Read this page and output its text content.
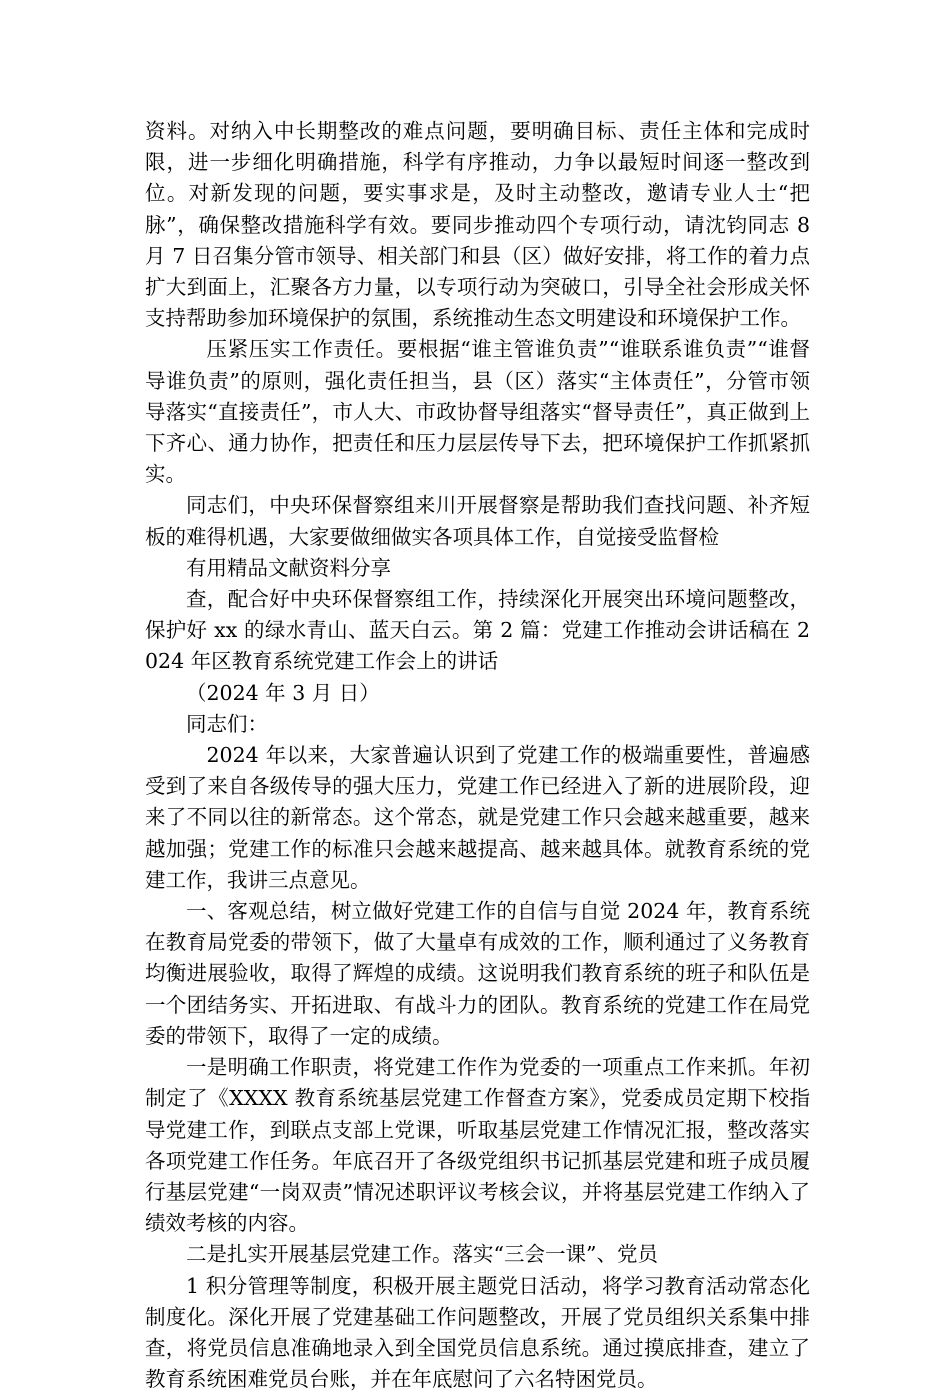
资料。对纳入中长期整改的难点问题，要明确目标、责任主体和完成时限，进一步细化明确措施，科学有序推动，力争以最短时间逐一整改到位。对新发现的问题，要实事求是，及时主动整改，邀请专业人士“把脉”，确保整改措施科学有效。要同步推动四个专项行动，请沈钧同志 8 月 7 日召集分管市领导、相关部门和县（区）做好安排，将工作的着力点扩大到面上，汇聚各方力量，以专项行动为突破口，引导全社会形成关怀支持帮助参加环境保护的氛围，系统推动生态文明建设和环境保护工作。

压紧压实工作责任。要根据“谁主管谁负责”“谁联系谁负责”“谁督导谁负责”的原则，强化责任担当，县（区）落实“主体责任”，分管市领导落实“直接责任”，市人大、市政协督导组落实“督导责任”，真正做到上下齐心、通力协作，把责任和压力层层传导下去，把环境保护工作抓紧抓实。

同志们，中央环保督察组来川开展督察是帮助我们查找问题、补齐短板的难得机遇，大家要做细做实各项具体工作，自觉接受监督检

有用精品文献资料分享

查，配合好中央环保督察组工作，持续深化开展突出环境问题整改，保护好 xx 的绿水青山、蓝天白云。第 2 篇：党建工作推动会讲话稿在 2024 年区教育系统党建工作会上的讲话

（2024 年 3 月 日）

同志们：

2024 年以来，大家普遍认识到了党建工作的极端重要性，普遍感受到了来自各级传导的强大压力，党建工作已经进入了新的进展阶段，迎来了不同以往的新常态。这个常态，就是党建工作只会越来越重要，越来越加强；党建工作的标准只会越来越提高、越来越具体。就教育系统的党建工作，我讲三点意见。

一、客观总结，树立做好党建工作的自信与自觉 2024 年，教育系统在教育局党委的带领下，做了大量卓有成效的工作，顺利通过了义务教育均衡进展验收，取得了辉煌的成绩。这说明我们教育系统的班子和队伍是一个团结务实、开拓进取、有战斗力的团队。教育系统的党建工作在局党委的带领下，取得了一定的成绩。

一是明确工作职责，将党建工作作为党委的一项重点工作来抓。年初制定了《XXXX 教育系统基层党建工作督查方案》，党委成员定期下校指导党建工作，到联点支部上党课，听取基层党建工作情况汇报，整改落实各项党建工作任务。年底召开了各级党组织书记抓基层党建和班子成员履行基层党建“一岗双责”情况述职评议考核会议，并将基层党建工作纳入了绩效考核的内容。

二是扎实开展基层党建工作。落实“三会一课”、党员

1 积分管理等制度，积极开展主题党日活动，将学习教育活动常态化制度化。深化开展了党建基础工作问题整改，开展了党员组织关系集中排查，将党员信息准确地录入到全国党员信息系统。通过摸底排查，建立了教育系统困难党员台账，并在年底慰问了六名特困党员。
